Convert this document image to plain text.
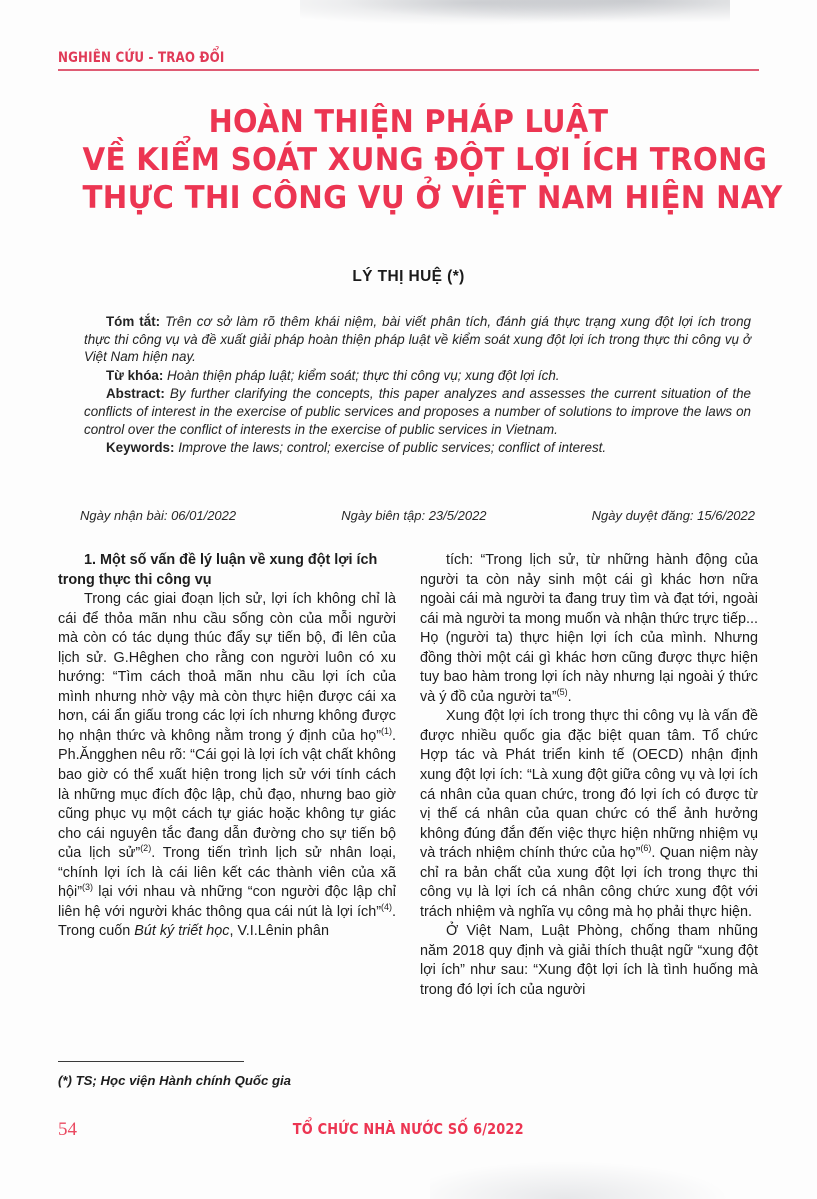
NGHIÊN CỨU - TRAO ĐỔI
HOÀN THIỆN PHÁP LUẬT
VỀ KIỂM SOÁT XUNG ĐỘT LỢI ÍCH TRONG
THỰC THI CÔNG VỤ Ở VIỆT NAM HIỆN NAY
LÝ THỊ HUỆ (*)

Tóm tắt: Trên cơ sở làm rõ thêm khái niệm, bài viết phân tích, đánh giá thực trạng xung đột lợi ích trong thực thi công vụ và đề xuất giải pháp hoàn thiện pháp luật về kiểm soát xung đột lợi ích trong thực thi công vụ ở Việt Nam hiện nay.

Từ khóa: Hoàn thiện pháp luật; kiểm soát; thực thi công vụ; xung đột lợi ích.

Abstract: By further clarifying the concepts, this paper analyzes and assesses the current situation of the conflicts of interest in the exercise of public services and proposes a number of solutions to improve the laws on control over the conflict of interests in the exercise of public services in Vietnam.

Keywords: Improve the laws; control; exercise of public services; conflict of interest.

Ngày nhận bài: 06/01/2022	Ngày biên tập: 23/5/2022	Ngày duyệt đăng: 15/6/2022

1. Một số vấn đề lý luận về xung đột lợi ích trong thực thi công vụ

Trong các giai đoạn lịch sử, lợi ích không chỉ là cái để thỏa mãn nhu cầu sống còn của mỗi người mà còn có tác dụng thúc đẩy sự tiến bộ, đi lên của lịch sử. G.Hêghen cho rằng con người luôn có xu hướng: “Tìm cách thoả mãn nhu cầu lợi ích của mình nhưng nhờ vậy mà còn thực hiện được cái xa hơn, cái ẩn giấu trong các lợi ích nhưng không được họ nhận thức và không nằm trong ý định của họ”$^{(1)}$. Ph.Ăngghen nêu rõ: “Cái gọi là lợi ích vật chất không bao giờ có thể xuất hiện trong lịch sử với tính cách là những mục đích độc lập, chủ đạo, nhưng bao giờ cũng phục vụ một cách tự giác hoặc không tự giác cho cái nguyên tắc đang dẫn đường cho sự tiến bộ của lịch sử”$^{(2)}$. Trong tiến trình lịch sử nhân loại, “chính lợi ích là cái liên kết các thành viên của xã hội”$^{(3)}$ lại với nhau và những “con người độc lập chỉ liên hệ với người khác thông qua cái nút là lợi ích”$^{(4)}$. Trong cuốn Bút ký triết học, V.I.Lênin phân

(*) TS; Học viện Hành chính Quốc gia

tích: “Trong lịch sử, từ những hành động của người ta còn nảy sinh một cái gì khác hơn nữa ngoài cái mà người ta đang truy tìm và đạt tới, ngoài cái mà người ta mong muốn và nhận thức trực tiếp... Họ (người ta) thực hiện lợi ích của mình. Nhưng đồng thời một cái gì khác hơn cũng được thực hiện tuy bao hàm trong lợi ích này nhưng lại ngoài ý thức và ý đồ của người ta”$^{(5)}$.

Xung đột lợi ích trong thực thi công vụ là vấn đề được nhiều quốc gia đặc biệt quan tâm. Tổ chức Hợp tác và Phát triển kinh tế (OECD) nhận định xung đột lợi ích: “Là xung đột giữa công vụ và lợi ích cá nhân của quan chức, trong đó lợi ích có được từ vị thế cá nhân của quan chức có thể ảnh hưởng không đúng đắn đến việc thực hiện những nhiệm vụ và trách nhiệm chính thức của họ”$^{(6)}$. Quan niệm này chỉ ra bản chất của xung đột lợi ích trong thực thi công vụ là lợi ích cá nhân công chức xung đột với trách nhiệm và nghĩa vụ công mà họ phải thực hiện.

Ở Việt Nam, Luật Phòng, chống tham nhũng năm 2018 quy định và giải thích thuật ngữ “xung đột lợi ích” như sau: “Xung đột lợi ích là tình huống mà trong đó lợi ích của người

54	TỔ CHỨC NHÀ NƯỚC SỐ 6/2022
